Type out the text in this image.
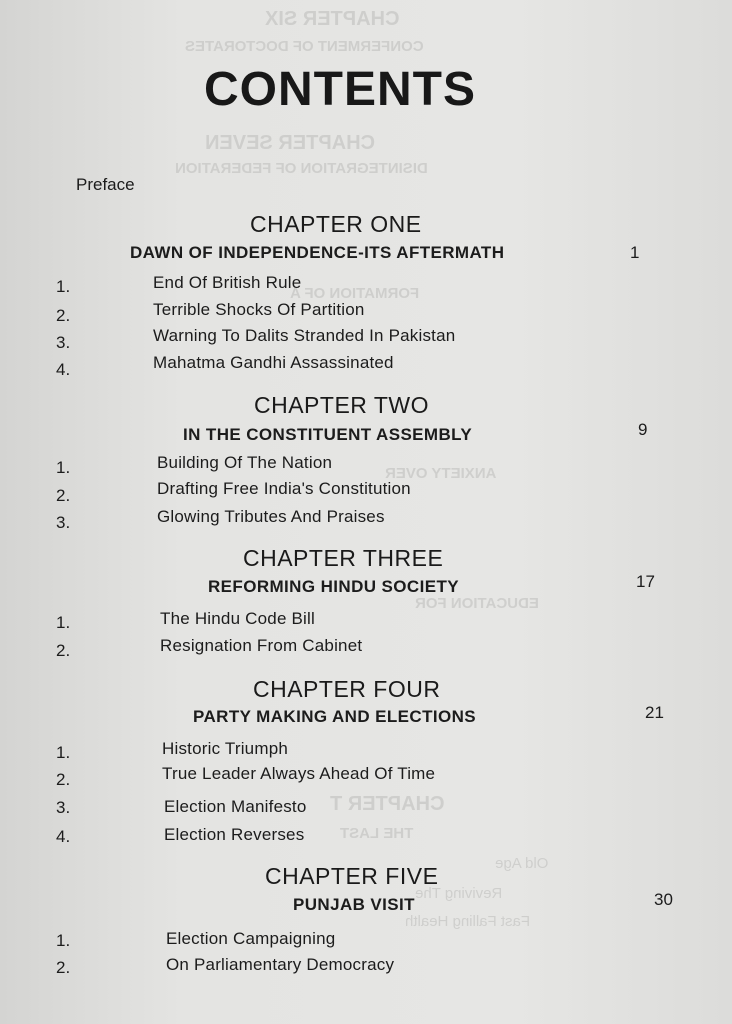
CHAPTER SIX
CONFERMENT OF DOCTORATES
CHAPTER SEVEN
DISINTEGRATION OF FEDERATION
FORMATION OF A
ANXIETY OVER
EDUCATION FOR
CHAPTER T
THE LAST
Old Age
Reviving The
Fast Falling Health
CONTENTS
Preface
CHAPTER ONE
DAWN OF INDEPENDENCE-ITS AFTERMATH	1
1.	End Of British Rule
2.	Terrible Shocks Of Partition
3.	Warning To Dalits Stranded In Pakistan
4.	Mahatma Gandhi Assassinated
CHAPTER TWO
IN THE CONSTITUENT ASSEMBLY	9
1.	Building Of The Nation
2.	Drafting Free India's Constitution
3.	Glowing Tributes And Praises
CHAPTER THREE
REFORMING HINDU SOCIETY	17
1.	The Hindu Code Bill
2.	Resignation From Cabinet
CHAPTER FOUR
PARTY MAKING AND ELECTIONS	21
1.	Historic Triumph
2.	True Leader Always Ahead Of Time
3.	Election Manifesto
4.	Election Reverses
CHAPTER FIVE
PUNJAB VISIT	30
1.	Election Campaigning
2.	On Parliamentary Democracy
